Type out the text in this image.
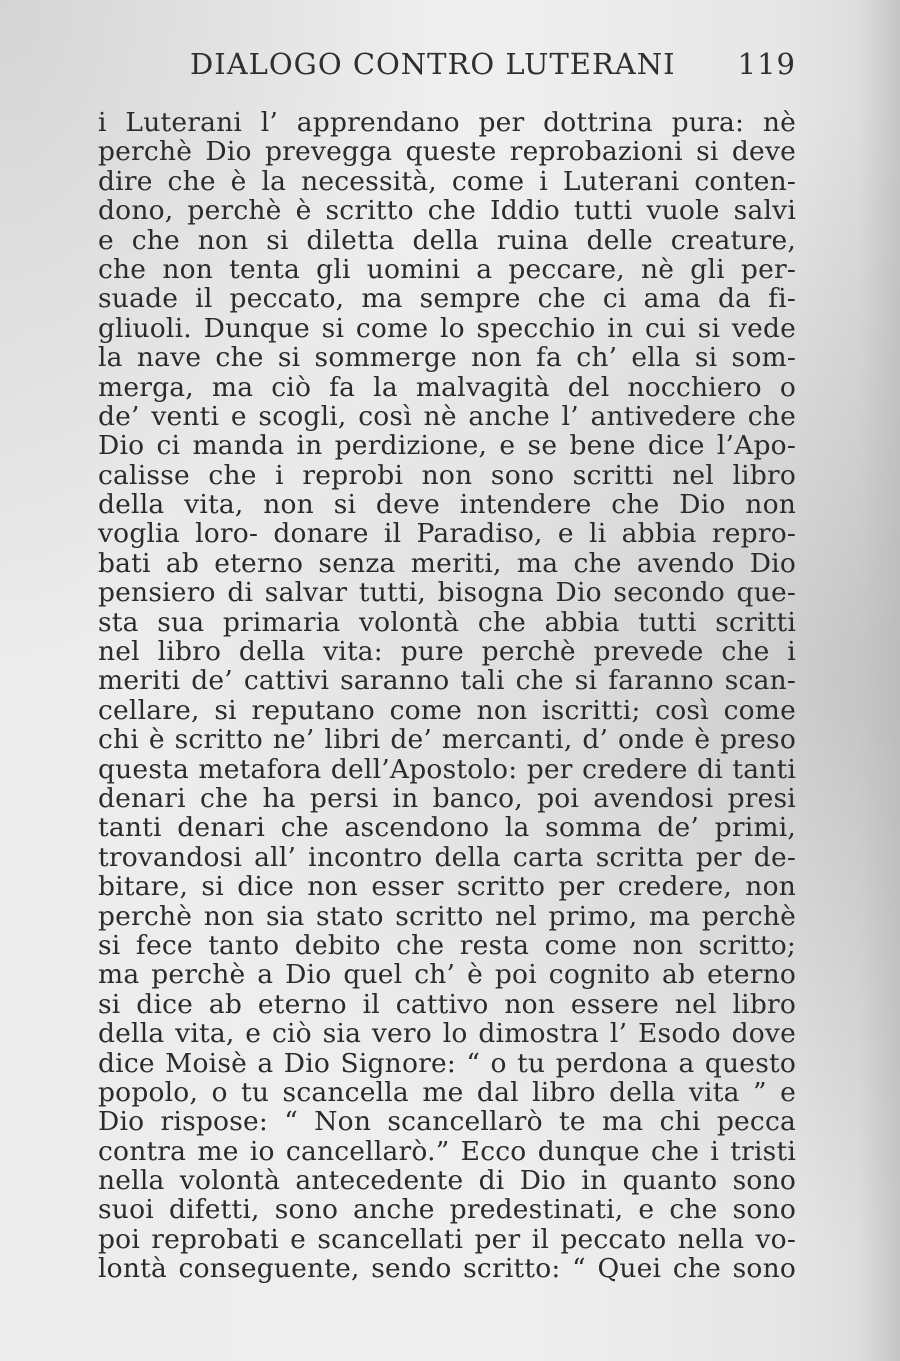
DIALOGO CONTRO LUTERANI 119
i Luterani l’ apprendano per dottrina pura: nè
perchè Dio prevegga queste reprobazioni si deve
dire che è la necessità, come i Luterani conten-
dono, perchè è scritto che Iddio tutti vuole salvi
e che non si diletta della ruina delle creature,
che non tenta gli uomini a peccare, nè gli per-
suade il peccato, ma sempre che ci ama da fi-
gliuoli. Dunque si come lo specchio in cui si vede
la nave che si sommerge non fa ch’ ella si som-
merga, ma ciò fa la malvagità del nocchiero o
de’ venti e scogli, così nè anche l’ antivedere che
Dio ci manda in perdizione, e se bene dice l’Apo-
calisse che i reprobi non sono scritti nel libro
della vita, non si deve intendere che Dio non
voglia loro- donare il Paradiso, e li abbia repro-
bati ab eterno senza meriti, ma che avendo Dio
pensiero di salvar tutti, bisogna Dio secondo que-
sta sua primaria volontà che abbia tutti scritti
nel libro della vita: pure perchè prevede che i
meriti de’ cattivi saranno tali che si faranno scan-
cellare, si reputano come non iscritti; così come
chi è scritto ne’ libri de’ mercanti, d’ onde è preso
questa metafora dell’Apostolo: per credere di tanti
denari che ha persi in banco, poi avendosi presi
tanti denari che ascendono la somma de’ primi,
trovandosi all’ incontro della carta scritta per de-
bitare, si dice non esser scritto per credere, non
perchè non sia stato scritto nel primo, ma perchè
si fece tanto debito che resta come non scritto;
ma perchè a Dio quel ch’ è poi cognito ab eterno
si dice ab eterno il cattivo non essere nel libro
della vita, e ciò sia vero lo dimostra l’ Esodo dove
dice Moisè a Dio Signore: “ o tu perdona a questo
popolo, o tu scancella me dal libro della vita ” e
Dio rispose: “ Non scancellarò te ma chi pecca
contra me io cancellarò.” Ecco dunque che i tristi
nella volontà antecedente di Dio in quanto sono
suoi difetti, sono anche predestinati, e che sono
poi reprobati e scancellati per il peccato nella vo-
lontà conseguente, sendo scritto: “ Quei che sono
